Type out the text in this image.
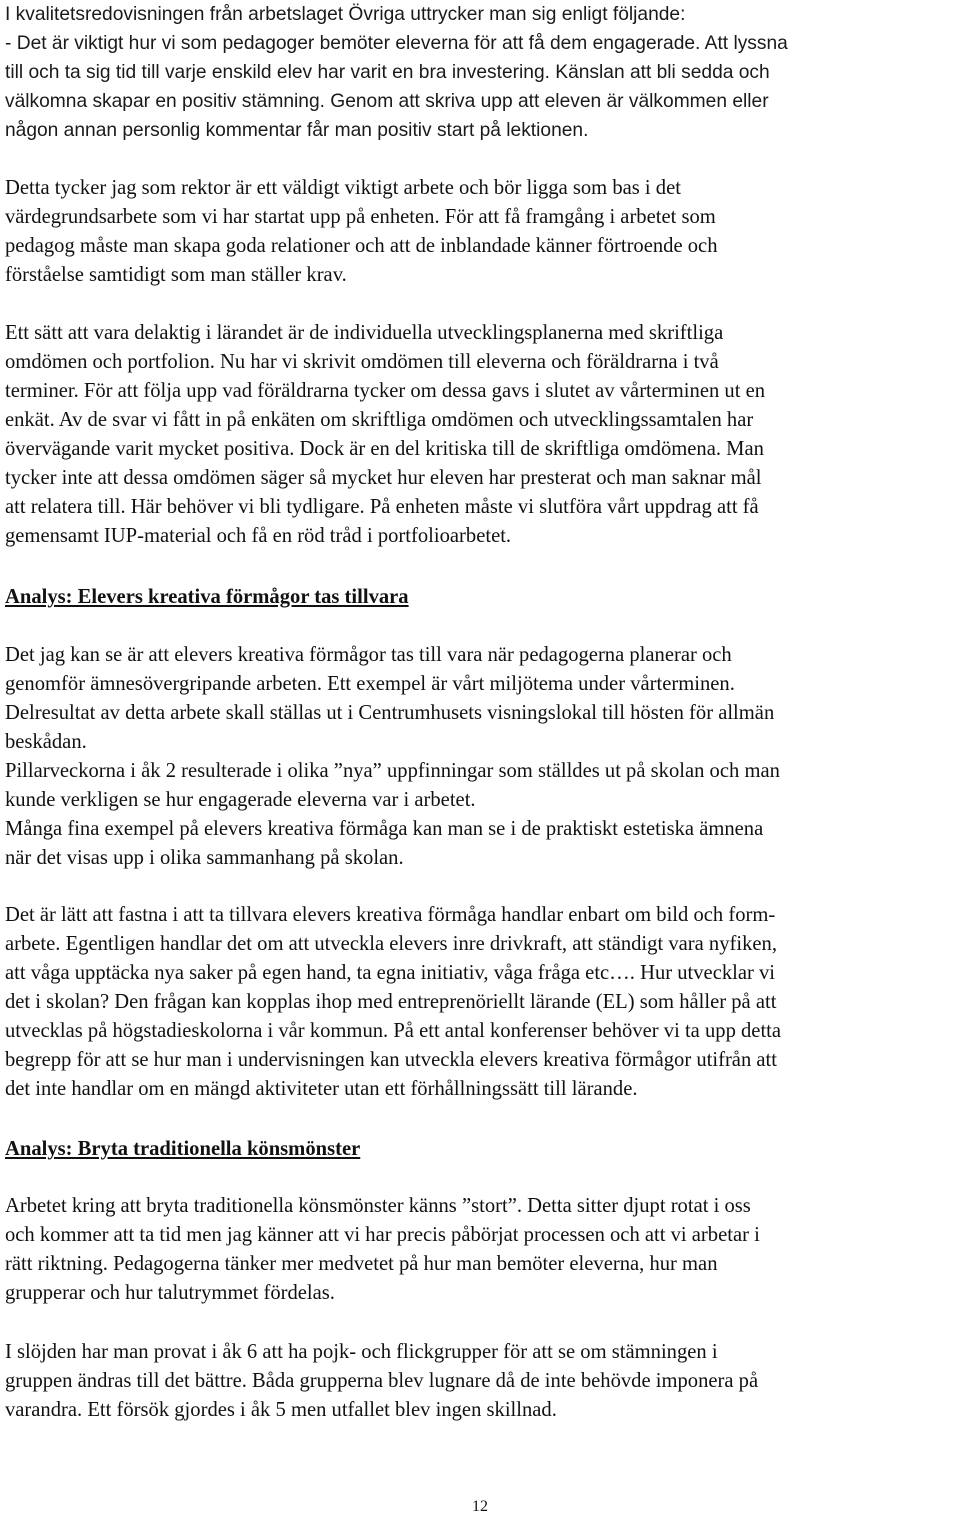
I kvalitetsredovisningen från arbetslaget Övriga uttrycker man sig enligt följande:
- Det är viktigt hur vi som pedagoger bemöter eleverna för att få dem engagerade. Att lyssna
till och ta sig tid till varje enskild elev har varit en bra investering. Känslan att bli sedda och
välkomna skapar en positiv stämning. Genom att skriva upp att eleven är välkommen eller
någon annan personlig kommentar får man positiv start på lektionen.
Detta tycker jag som rektor är ett väldigt viktigt arbete och bör ligga som bas i det
värdegrundsarbete som vi har startat upp på enheten. För att få framgång i arbetet som
pedagog måste man skapa goda relationer och att de inblandade känner förtroende och
förståelse samtidigt som man ställer krav.
Ett sätt att vara delaktig i lärandet är de individuella utvecklingsplanerna med skriftliga
omdömen och portfolion. Nu har vi skrivit omdömen till eleverna och föräldrarna i två
terminer. För att följa upp vad föräldrarna tycker om dessa gavs i slutet av vårterminen ut en
enkät. Av de svar vi fått in på enkäten om skriftliga omdömen och utvecklingssamtalen har
övervägande varit mycket positiva. Dock är en del kritiska till de skriftliga omdömena. Man
tycker inte att dessa omdömen säger så mycket hur eleven har presterat och man saknar mål
att relatera till. Här behöver vi bli tydligare. På enheten måste vi slutföra vårt uppdrag att få
gemensamt IUP-material och få en röd tråd i portfolioarbetet.
Analys: Elevers kreativa förmågor tas tillvara
Det jag kan se är att elevers kreativa förmågor tas till vara när pedagogerna planerar och
genomför ämnesövergripande arbeten. Ett exempel är vårt miljötema under vårterminen.
Delresultat av detta arbete skall ställas ut i Centrumhusets visningslokal till hösten för allmän
beskådan.
Pillarveckorna i åk 2 resulterade i olika ”nya” uppfinningar som ställdes ut på skolan och man
kunde verkligen se hur engagerade eleverna var i arbetet.
Många fina exempel på elevers kreativa förmåga kan man se i de praktiskt estetiska ämnena
när det visas upp i olika sammanhang på skolan.
Det är lätt att fastna i att ta tillvara elevers kreativa förmåga handlar enbart om bild och form-
arbete. Egentligen handlar det om att utveckla elevers inre drivkraft, att ständigt vara nyfiken,
att våga upptäcka nya saker på egen hand, ta egna initiativ, våga fråga etc…. Hur utvecklar vi
det i skolan? Den frågan kan kopplas ihop med entreprenöriellt lärande (EL) som håller på att
utvecklas på högstadieskolorna i vår kommun. På ett antal konferenser behöver vi ta upp detta
begrepp för att se hur man i undervisningen kan utveckla elevers kreativa förmågor utifrån att
det inte handlar om en mängd aktiviteter utan ett förhållningssätt till lärande.
Analys: Bryta traditionella könsmönster
Arbetet kring att bryta traditionella könsmönster känns ”stort”. Detta sitter djupt rotat i oss
och kommer att ta tid men jag känner att vi har precis påbörjat processen och att vi arbetar i
rätt riktning. Pedagogerna tänker mer medvetet på hur man bemöter eleverna, hur man
grupperar och hur talutrymmet fördelas.
I slöjden har man provat i åk 6 att ha pojk- och flickgrupper för att se om stämningen i
gruppen ändras till det bättre. Båda grupperna blev lugnare då de inte behövde imponera på
varandra. Ett försök gjordes i åk 5 men utfallet blev ingen skillnad.
12
